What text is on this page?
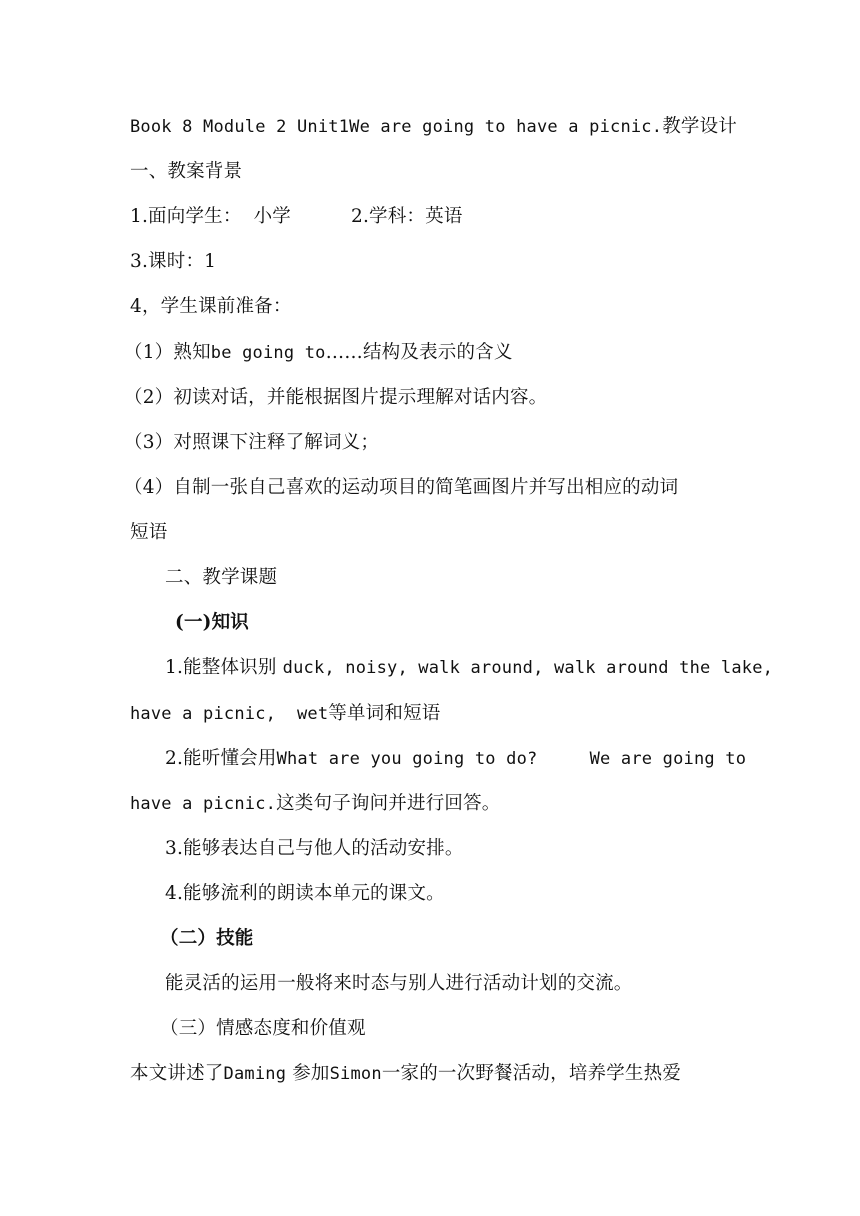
Book 8 Module 2 Unit1We are going to have a picnic.教学设计
一、教案背景
1.面向学生： 小学	2.学科：英语
3.课时：1
4，学生课前准备：
（1）熟知be going to……结构及表示的含义
（2）初读对话，并能根据图片提示理解对话内容。
（3）对照课下注释了解词义；
（4）自制一张自己喜欢的运动项目的简笔画图片并写出相应的动词
短语
二、教学课题
(一)知识
1.能整体识别 duck, noisy, walk around, walk around the lake,
have a picnic,  wet等单词和短语
2.能听懂会用What are you going to do?     We are going to
have a picnic.这类句子询问并进行回答。
3.能够表达自己与他人的活动安排。
4.能够流利的朗读本单元的课文。
（二）技能
能灵活的运用一般将来时态与别人进行活动计划的交流。
（三）情感态度和价值观
本文讲述了Daming 参加Simon一家的一次野餐活动，培养学生热爱
